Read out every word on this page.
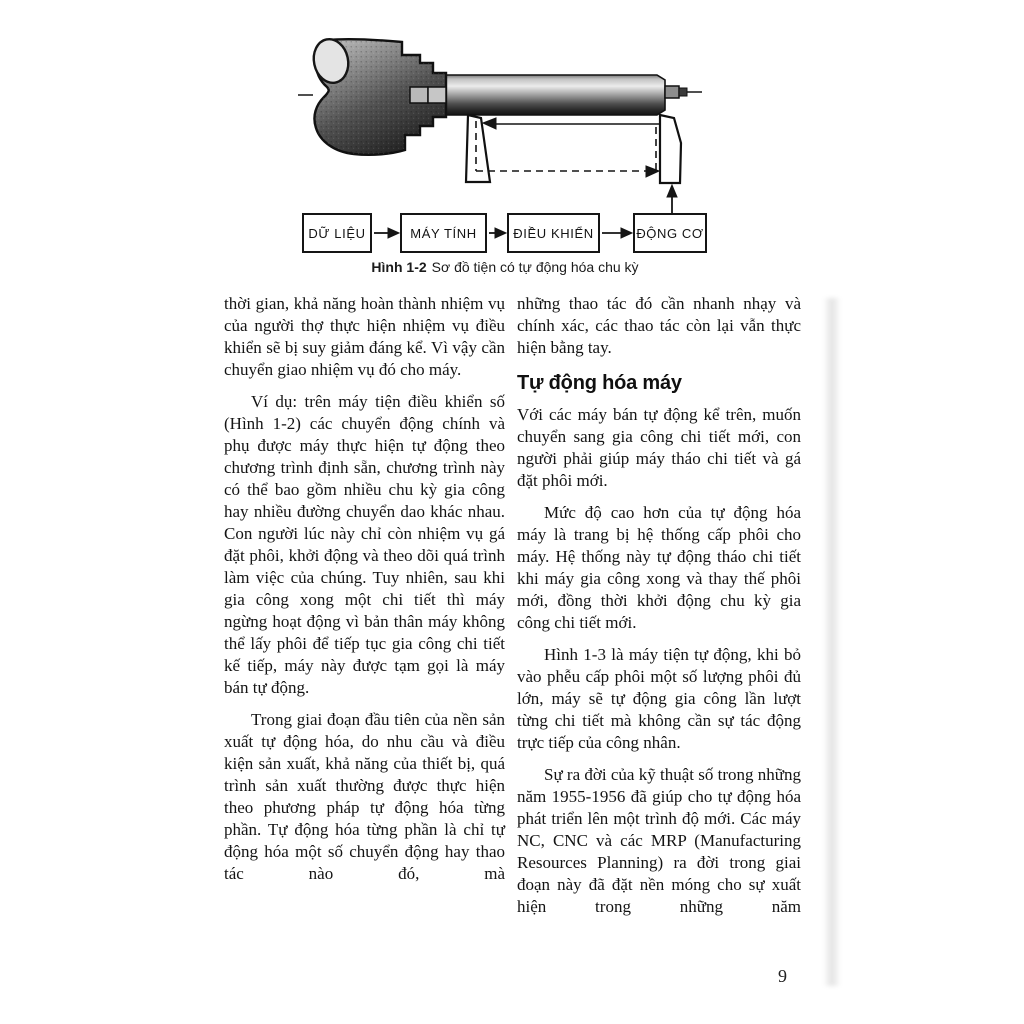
DỮ LIỆU	MÁY TÍNH	ĐIỀU KHIỂN	ĐỘNG CƠ
Hình 1-2 Sơ đồ tiện có tự động hóa chu kỳ

thời gian, khả năng hoàn thành nhiệm vụ của người thợ thực hiện nhiệm vụ điều khiển sẽ bị suy giảm đáng kể. Vì vậy cần chuyển giao nhiệm vụ đó cho máy.

Ví dụ: trên máy tiện điều khiển số (Hình 1-2) các chuyển động chính và phụ được máy thực hiện tự động theo chương trình định sẵn, chương trình này có thể bao gồm nhiều chu kỳ gia công hay nhiều đường chuyển dao khác nhau. Con người lúc này chỉ còn nhiệm vụ gá đặt phôi, khởi động và theo dõi quá trình làm việc của chúng. Tuy nhiên, sau khi gia công xong một chi tiết thì máy ngừng hoạt động vì bản thân máy không thể lấy phôi để tiếp tục gia công chi tiết kế tiếp, máy này được tạm gọi là máy bán tự động.

Trong giai đoạn đầu tiên của nền sản xuất tự động hóa, do nhu cầu và điều kiện sản xuất, khả năng của thiết bị, quá trình sản xuất thường được thực hiện theo phương pháp tự động hóa từng phần. Tự động hóa từng phần là chỉ tự động hóa một số chuyển động hay thao tác nào đó, mà

những thao tác đó cần nhanh nhạy và chính xác, các thao tác còn lại vẫn thực hiện bằng tay.

Tự động hóa máy

Với các máy bán tự động kể trên, muốn chuyển sang gia công chi tiết mới, con người phải giúp máy tháo chi tiết và gá đặt phôi mới.

Mức độ cao hơn của tự động hóa máy là trang bị hệ thống cấp phôi cho máy. Hệ thống này tự động tháo chi tiết khi máy gia công xong và thay thế phôi mới, đồng thời khởi động chu kỳ gia công chi tiết mới.

Hình 1-3 là máy tiện tự động, khi bỏ vào phễu cấp phôi một số lượng phôi đủ lớn, máy sẽ tự động gia công lần lượt từng chi tiết mà không cần sự tác động trực tiếp của công nhân.

Sự ra đời của kỹ thuật số trong những năm 1955-1956 đã giúp cho tự động hóa phát triển lên một trình độ mới. Các máy NC, CNC và các MRP (Manufacturing Resources Planning) ra đời trong giai đoạn này đã đặt nền móng cho sự xuất hiện trong những năm

9
